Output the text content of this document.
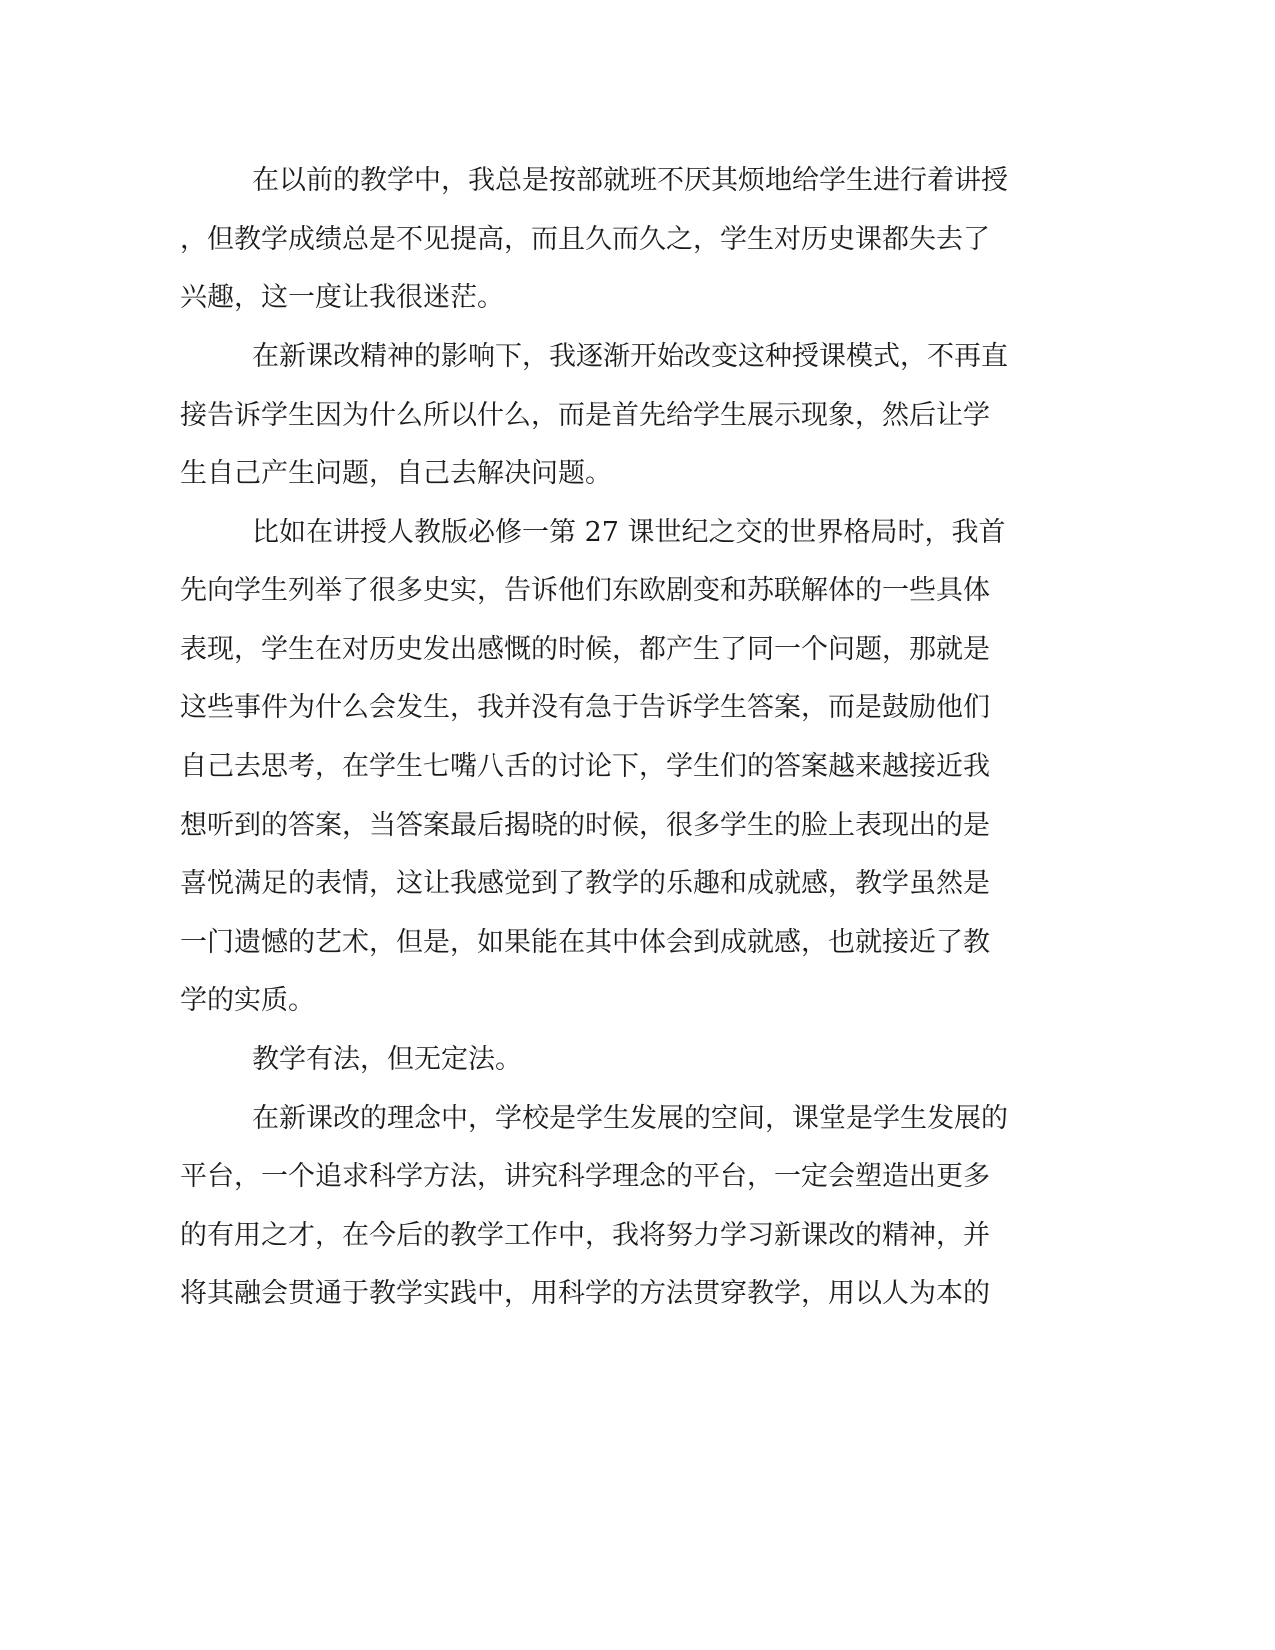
在以前的教学中，我总是按部就班不厌其烦地给学生进行着讲授
，但教学成绩总是不见提高，而且久而久之，学生对历史课都失去了
兴趣，这一度让我很迷茫。
在新课改精神的影响下，我逐渐开始改变这种授课模式，不再直
接告诉学生因为什么所以什么，而是首先给学生展示现象，然后让学
生自己产生问题，自己去解决问题。
比如在讲授人教版必修一第 27 课世纪之交的世界格局时，我首
先向学生列举了很多史实，告诉他们东欧剧变和苏联解体的一些具体
表现，学生在对历史发出感慨的时候，都产生了同一个问题，那就是
这些事件为什么会发生，我并没有急于告诉学生答案，而是鼓励他们
自己去思考，在学生七嘴八舌的讨论下，学生们的答案越来越接近我
想听到的答案，当答案最后揭晓的时候，很多学生的脸上表现出的是
喜悦满足的表情，这让我感觉到了教学的乐趣和成就感，教学虽然是
一门遗憾的艺术，但是，如果能在其中体会到成就感，也就接近了教
学的实质。
教学有法，但无定法。
在新课改的理念中，学校是学生发展的空间，课堂是学生发展的
平台，一个追求科学方法，讲究科学理念的平台，一定会塑造出更多
的有用之才，在今后的教学工作中，我将努力学习新课改的精神，并
将其融会贯通于教学实践中，用科学的方法贯穿教学，用以人为本的
